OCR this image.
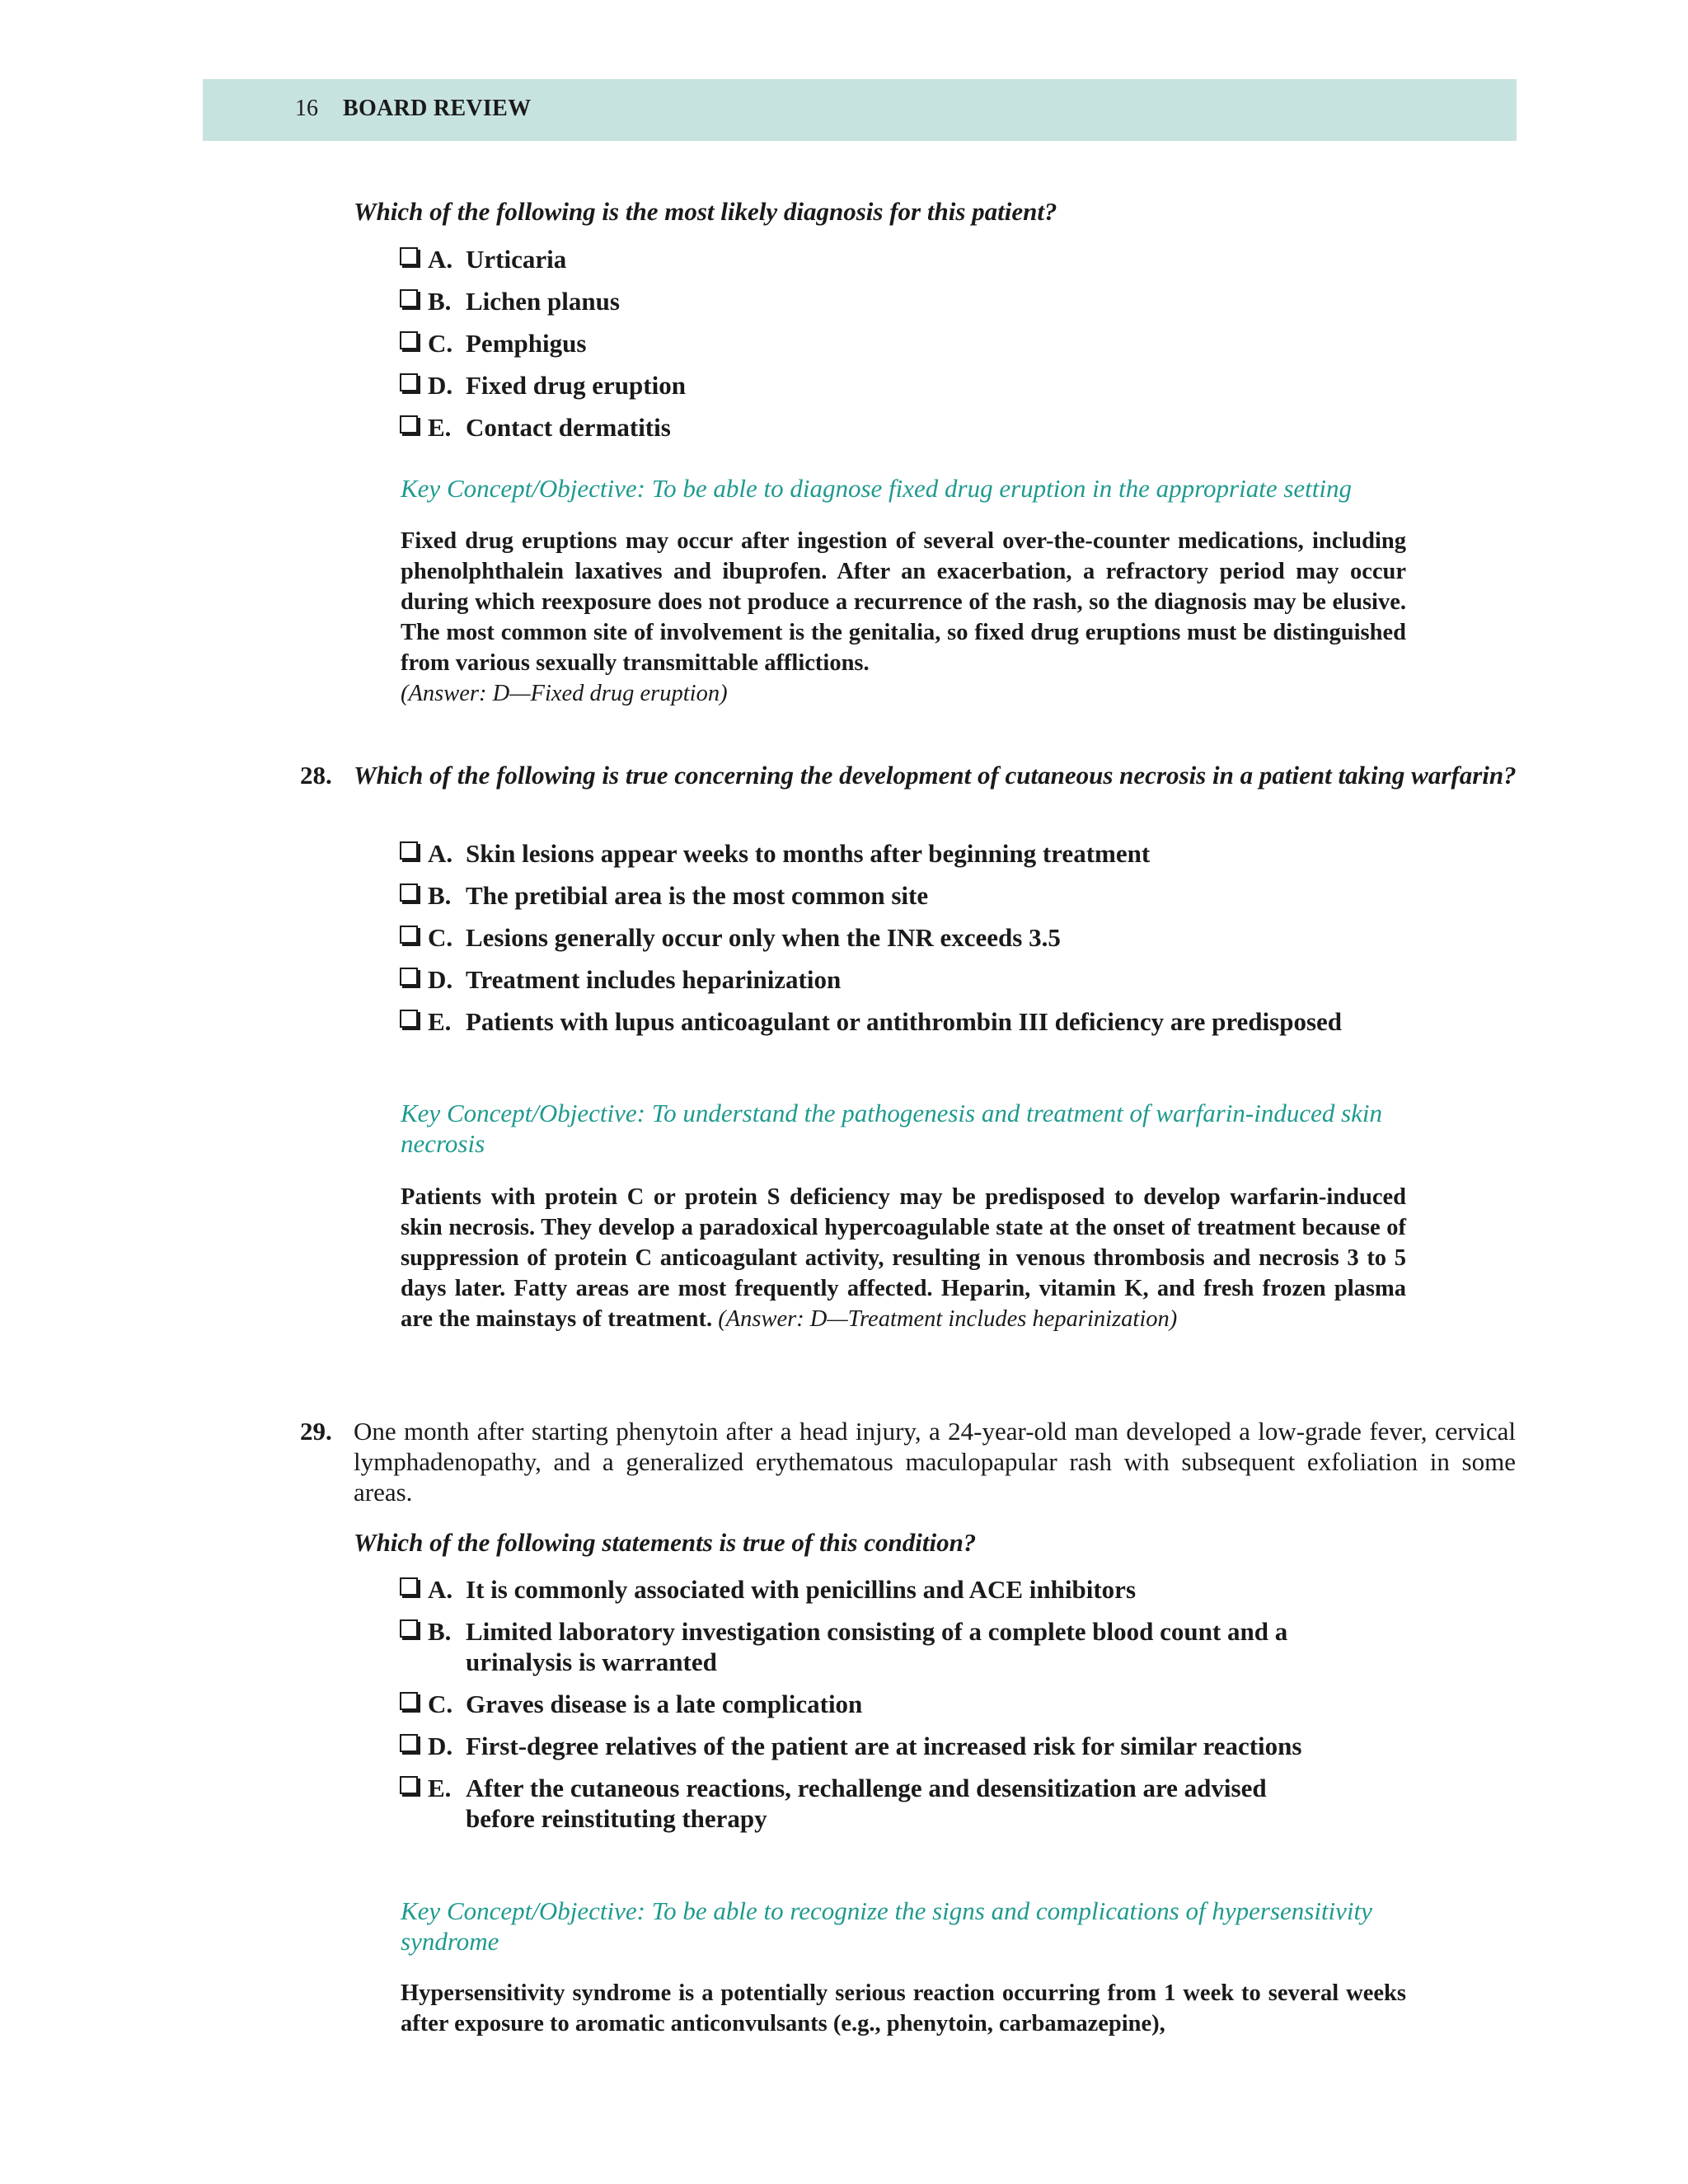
16 BOARD REVIEW
Which of the following is the most likely diagnosis for this patient?
A. Urticaria
B. Lichen planus
C. Pemphigus
D. Fixed drug eruption
E. Contact dermatitis
Key Concept/Objective: To be able to diagnose fixed drug eruption in the appropriate setting
Fixed drug eruptions may occur after ingestion of several over-the-counter medications, including phenolphthalein laxatives and ibuprofen. After an exacerbation, a refractory period may occur during which reexposure does not produce a recurrence of the rash, so the diagnosis may be elusive. The most common site of involvement is the genitalia, so fixed drug eruptions must be distinguished from various sexually transmittable afflictions.
(Answer: D—Fixed drug eruption)
28. Which of the following is true concerning the development of cutaneous necrosis in a patient taking warfarin?
A. Skin lesions appear weeks to months after beginning treatment
B. The pretibial area is the most common site
C. Lesions generally occur only when the INR exceeds 3.5
D. Treatment includes heparinization
E. Patients with lupus anticoagulant or antithrombin III deficiency are predisposed
Key Concept/Objective: To understand the pathogenesis and treatment of warfarin-induced skin necrosis
Patients with protein C or protein S deficiency may be predisposed to develop warfarin-induced skin necrosis. They develop a paradoxical hypercoagulable state at the onset of treatment because of suppression of protein C anticoagulant activity, resulting in venous thrombosis and necrosis 3 to 5 days later. Fatty areas are most frequently affected. Heparin, vitamin K, and fresh frozen plasma are the mainstays of treatment. (Answer: D—Treatment includes heparinization)
29. One month after starting phenytoin after a head injury, a 24-year-old man developed a low-grade fever, cervical lymphadenopathy, and a generalized erythematous maculopapular rash with subsequent exfoliation in some areas.
Which of the following statements is true of this condition?
A. It is commonly associated with penicillins and ACE inhibitors
B. Limited laboratory investigation consisting of a complete blood count and a urinalysis is warranted
C. Graves disease is a late complication
D. First-degree relatives of the patient are at increased risk for similar reactions
E. After the cutaneous reactions, rechallenge and desensitization are advised before reinstituting therapy
Key Concept/Objective: To be able to recognize the signs and complications of hypersensitivity syndrome
Hypersensitivity syndrome is a potentially serious reaction occurring from 1 week to several weeks after exposure to aromatic anticonvulsants (e.g., phenytoin, carbamazepine),
